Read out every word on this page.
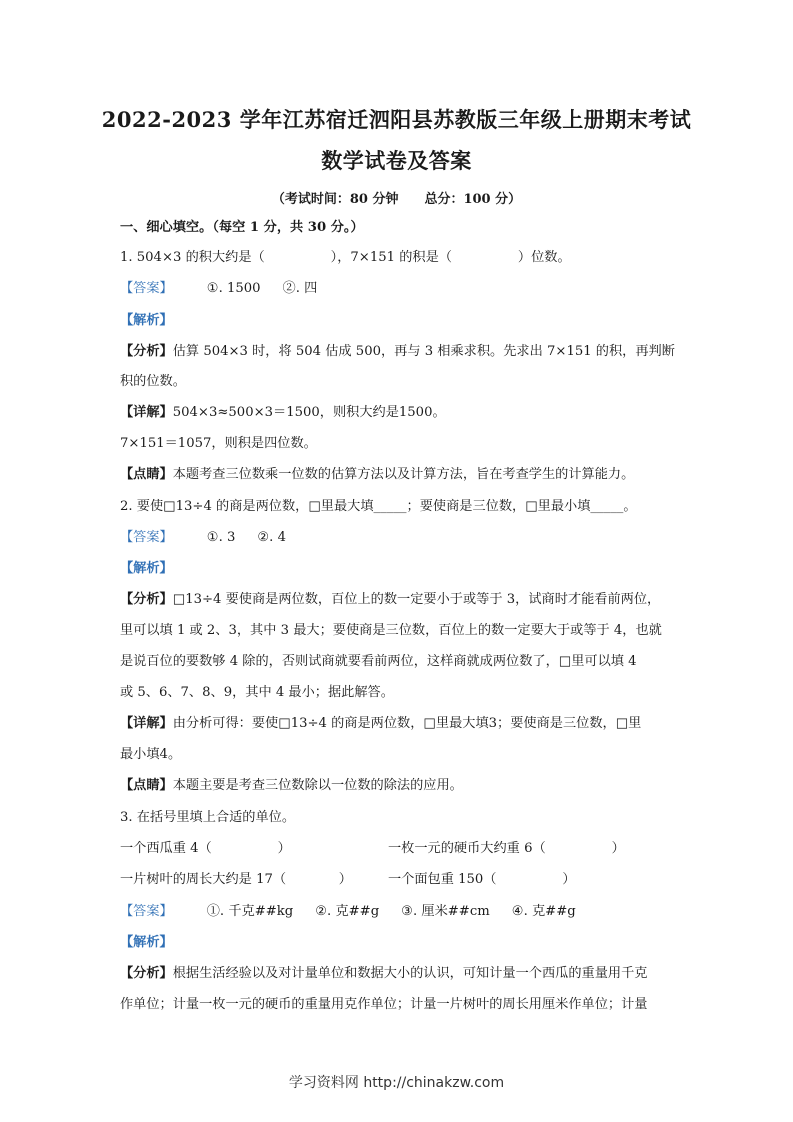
2022-2023 学年江苏宿迁泗阳县苏教版三年级上册期末考试
数学试卷及答案
（考试时间：80 分钟 总分：100 分）
一、细心填空。（每空 1 分，共 30 分。）
1. 504×3 的积大约是（　　　　　），7×151 的积是（　　　　　）位数。
【答案】	①. 1500 ②. 四
【解析】
【分析】估算 504×3 时，将 504 估成 500，再与 3 相乘求积。先求出 7×151 的积，再判断
积的位数。
【详解】504×3≈500×3＝1500，则积大约是1500。
7×151＝1057，则积是四位数。
【点睛】本题考查三位数乘一位数的估算方法以及计算方法，旨在考查学生的计算能力。
2. 要使□13÷4 的商是两位数，□里最大填_____；要使商是三位数，□里最小填_____。
【答案】	①. 3 ②. 4
【解析】
【分析】□13÷4 要使商是两位数，百位上的数一定要小于或等于 3，试商时才能看前两位，
里可以填 1 或 2、3，其中 3 最大；要使商是三位数，百位上的数一定要大于或等于 4，也就
是说百位的要数够 4 除的，否则试商就要看前两位，这样商就成两位数了，□里可以填 4
或 5、6、7、8、9，其中 4 最小；据此解答。
【详解】由分析可得：要使□13÷4 的商是两位数，□里最大填3；要使商是三位数，□里
最小填4。
【点睛】本题主要是考查三位数除以一位数的除法的应用。
3. 在括号里填上合适的单位。
一个西瓜重 4（　　　　　）	一枚一元的硬币大约重 6（　　　　　）
一片树叶的周长大约是 17（　　　　）	一个面包重 150（　　　　　）
【答案】	①. 千克##kg ②. 克##g ③. 厘米##cm ④. 克##g
【解析】
【分析】根据生活经验以及对计量单位和数据大小的认识，可知计量一个西瓜的重量用千克
作单位；计量一枚一元的硬币的重量用克作单位；计量一片树叶的周长用厘米作单位；计量
学习资料网 http://chinakzw.com
